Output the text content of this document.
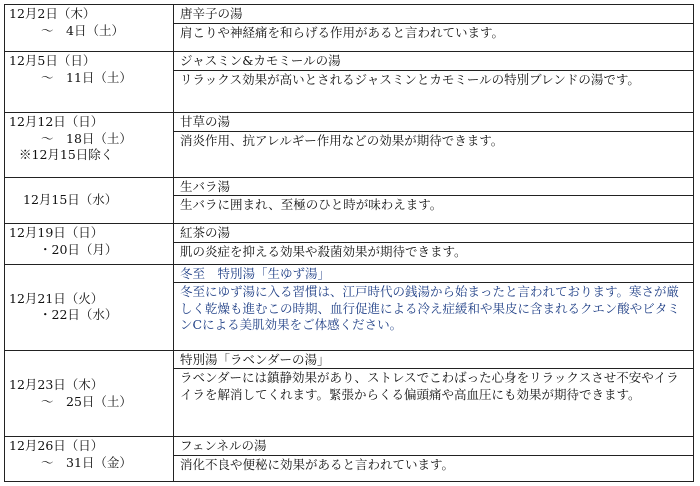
12月2日（木）
～　4日（土）	唐辛子の湯
肩こりや神経痛を和らげる作用があると言われています。

12月5日（日）
～　11日（土）	ジャスミン&カモミールの湯
リラックス効果が高いとされるジャスミンとカモミールの特別ブレンドの湯です。

12月12日（日）
～　18日（土）
※12月15日除く	甘草の湯
消炎作用、抗アレルギー作用などの効果が期待できます。

12月15日（水）	生バラ湯
生バラに囲まれ、至極のひと時が味わえます。

12月19日（日）
・20日（月）	紅茶の湯
肌の炎症を抑える効果や殺菌効果が期待できます。

12月21日（火）
・22日（水）	冬至　特別湯「生ゆず湯」
冬至にゆず湯に入る習慣は、江戸時代の銭湯から始まったと言われております。寒さが厳しく乾燥も進むこの時期、血行促進による冷え症緩和や果皮に含まれるクエン酸やビタミンCによる美肌効果をご体感ください。

12月23日（木）
～　25日（土）	特別湯「ラベンダーの湯」
ラベンダーには鎮静効果があり、ストレスでこわばった心身をリラックスさせ不安やイライラを解消してくれます。緊張からくる偏頭痛や高血圧にも効果が期待できます。

12月26日（日）
～　31日（金）	フェンネルの湯
消化不良や便秘に効果があると言われています。
